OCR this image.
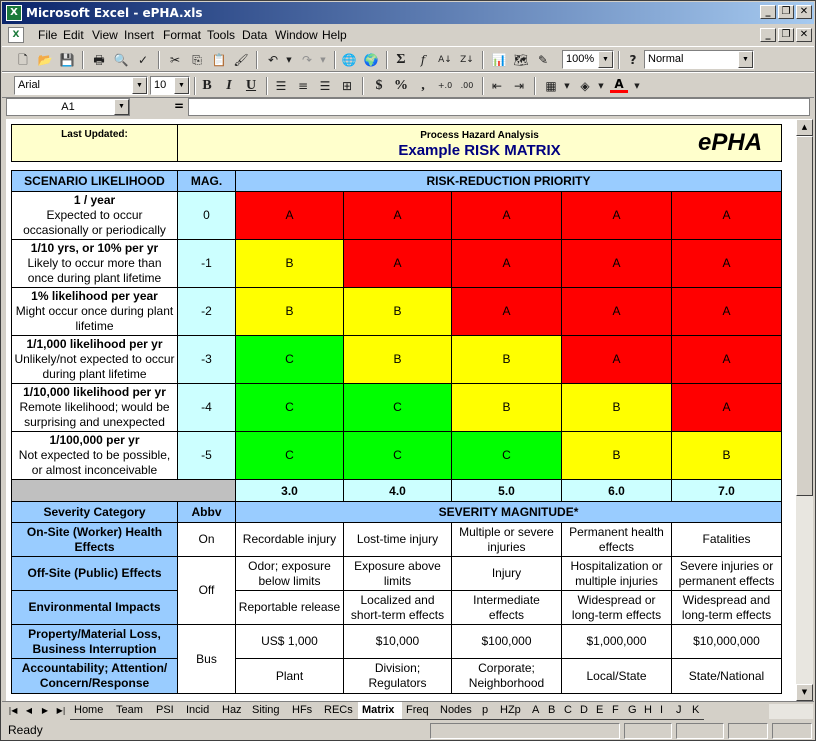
X Microsoft Excel - ePHA.xls	_	❐ ✕
X	File Edit View Insert Format Tools Data Window Help	_	❐ ✕
🗋 📂 💾 🖶 🔍 ✓	✂	⎘ 📋 🖌	↶	▼ ↷	▼	🌐 🌍	Σ	f	A↓ Z↓ 📊 🗺 ✎	100%	▼	?	Normal	▼
Arial	▼	10	▼	B	I	U	☰ ≡ ☰ ⊞	$ % ,	+.0	.00	⇤ ⇥	▦	▼ ◈	▼ A	▼
A1	▼	=
Last Updated:	Process Hazard Analysis
Example RISK MATRIX	ePHA
SCENARIO LIKELIHOOD	MAG.	RISK-REDUCTION PRIORITY
1 / year
Expected to occur occasionally or periodically
0	A	A	A	A	A
1/10 yrs, or 10% per yr
Likely to occur more than once during plant lifetime
-1	B	A	A	A	A
1% likelihood per year
Might occur once during plant lifetime
-2	B	B	A	A	A
1/1,000 likelihood per yr
Unlikely/not expected to occur during plant lifetime
-3	C	B	B	A	A
1/10,000 likelihood per yr
Remote likelihood; would be surprising and unexpected
-4	C	C	B	B	A
1/100,000 per yr
Not expected to be possible, or almost inconceivable
-5	C	C	C	B	B
3.0	4.0	5.0	6.0	7.0
Severity Category	Abbv	SEVERITY MAGNITUDE*
On-Site (Worker) Health Effects
On	Recordable injury	Lost-time injury
Multiple or severe injuries
Permanent health effects
Fatalities
Off-Site (Public) Effects
Off
Odor; exposure below limits
Exposure above limits
Injury
Hospitalization or multiple injuries
Severe injuries or permanent effects
Environmental Impacts	Reportable release
Localized and short-term effects
Intermediate effects
Widespread or long-term effects
Widespread and long-term effects
Property/Material Loss, Business Interruption
Bus
US$ 1,000	$10,000	$100,000	$1,000,000	$10,000,000
Accountability; Attention/ Concern/Response
Plant
Division; Regulators
Corporate; Neighborhood
Local/State	State/National
▲
▼
|◀	◀	▶	▶| Home	Team	PSI	Incid	Haz Siting	HFs	RECs Matrix	Freq	Nodes p	HZp	A B C D E F G H I	J K
Ready
